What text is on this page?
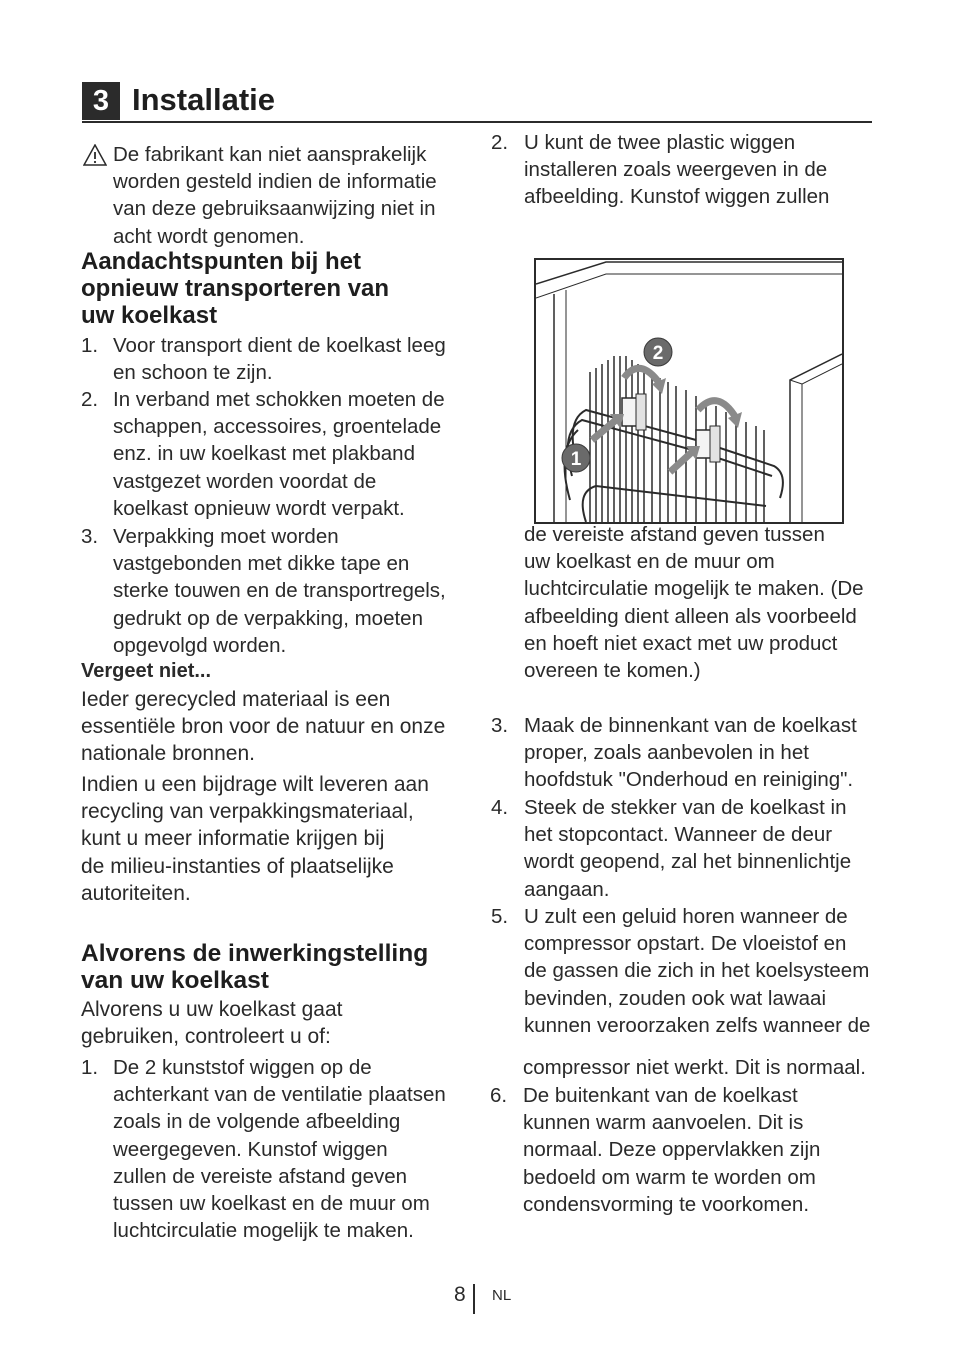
3 Installatie
De fabrikant kan niet aansprakelijk
worden gesteld indien de informatie
van deze gebruiksaanwijzing niet in
acht wordt genomen.
Aandachtspunten bij het
opnieuw transporteren van
uw koelkast
1. Voor transport dient de koelkast leeg
en schoon te zijn.
2. In verband met schokken moeten de
schappen, accessoires, groentelade
enz. in uw koelkast met plakband
vastgezet worden voordat de
koelkast opnieuw wordt verpakt.
3. Verpakking moet worden
vastgebonden met dikke tape en
sterke touwen en de transportregels,
gedrukt op de verpakking, moeten
opgevolgd worden.
Vergeet niet...
Ieder gerecycled materiaal is een
essentiële bron voor de natuur en onze
nationale bronnen.
Indien u een bijdrage wilt leveren aan
recycling van verpakkingsmateriaal,
kunt u meer informatie krijgen bij
de milieu-instanties of plaatselijke
autoriteiten.
Alvorens de inwerkingstelling
van uw koelkast
Alvorens u uw koelkast gaat
gebruiken, controleert u of:
1. De 2 kunststof wiggen op de
achterkant van de ventilatie plaatsen
zoals in de volgende afbeelding
weergegeven. Kunstof wiggen
zullen de vereiste afstand geven
tussen uw koelkast en de muur om
luchtcirculatie mogelijk te maken.
2. U kunt de twee plastic wiggen
installeren zoals weergeven in de
afbeelding. Kunstof wiggen zullen
1
2
de vereiste afstand geven tussen
uw koelkast en de muur om
luchtcirculatie mogelijk te maken. (De
afbeelding dient alleen als voorbeeld
en hoeft niet exact met uw product
overeen te komen.)
3. Maak de binnenkant van de koelkast
proper, zoals aanbevolen in het
hoofdstuk "Onderhoud en reiniging".
4. Steek de stekker van de koelkast in
het stopcontact. Wanneer de deur
wordt geopend, zal het binnenlichtje
aangaan.
5. U zult een geluid horen wanneer de
compressor opstart. De vloeistof en
de gassen die zich in het koelsysteem
bevinden, zouden ook wat lawaai
kunnen veroorzaken zelfs wanneer de
compressor niet werkt. Dit is normaal.
6. De buitenkant van de koelkast
kunnen warm aanvoelen. Dit is
normaal. Deze oppervlakken zijn
bedoeld om warm te worden om
condensvorming te voorkomen.
8 NL
